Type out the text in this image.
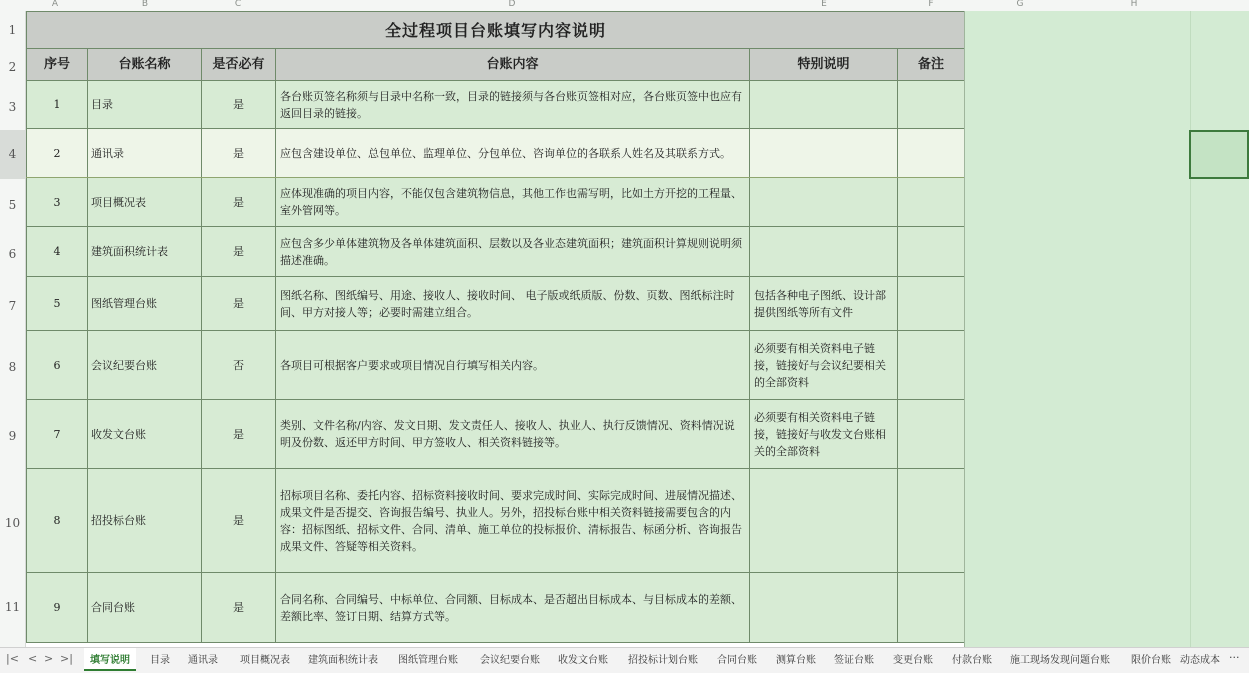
A	B	C	D	E	F	G	H
1
2
3
4
5
6
7
8
9
10
11
全过程项目台账填写内容说明					
序号	台账名称	是否必有	台账内容	特别说明	备注
1	目录	是	各台账页签名称须与目录中名称一致，目录的链接须与各台账页签相对应，各台账页签中也应有返回目录的链接。		
2	通讯录	是	应包含建设单位、总包单位、监理单位、分包单位、咨询单位的各联系人姓名及其联系方式。		
3	项目概况表	是	应体现准确的项目内容，不能仅包含建筑物信息，其他工作也需写明，比如土方开挖的工程量、室外管网等。		
4	建筑面积统计表	是	应包含多少单体建筑物及各单体建筑面积、层数以及各业态建筑面积；建筑面积计算规则说明须描述准确。		
5	图纸管理台账	是	图纸名称、图纸编号、用途、接收人、接收时间、 电子版或纸质版、份数、页数、图纸标注时间、甲方对接人等；必要时需建立组合。	包括各种电子图纸、设计部提供图纸等所有文件	
6	会议纪要台账	否	各项目可根据客户要求或项目情况自行填写相关内容。	必须要有相关资料电子链接，链接好与会议纪要相关的全部资料	
7	收发文台账	是	类别、文件名称/内容、发文日期、发文责任人、接收人、执业人、执行反馈情况、资料情况说明及份数、返还甲方时间、甲方签收人、相关资料链接等。	必须要有相关资料电子链接，链接好与收发文台账相关的全部资料	
8	招投标台账	是	招标项目名称、委托内容、招标资料接收时间、要求完成时间、实际完成时间、进展情况描述、成果文件是否提交、咨询报告编号、执业人。另外，招投标台账中相关资料链接需要包含的内容：招标图纸、招标文件、合同、清单、施工单位的投标报价、清标报告、标函分析、咨询报告成果文件、答疑等相关资料。		
9	合同台账	是	合同名称、合同编号、中标单位、合同额、目标成本、是否超出目标成本、与目标成本的差额、差额比率、签订日期、结算方式等。		
|< < > >|	填写说明	目录 通讯录 项目概况表 建筑面积统计表 图纸管理台账 会议纪要台账 收发文台账 招投标计划台账 合同台账 测算台账 签证台账 变更台账 付款台账 施工现场发现问题台账 限价台账 动态成本 ···
